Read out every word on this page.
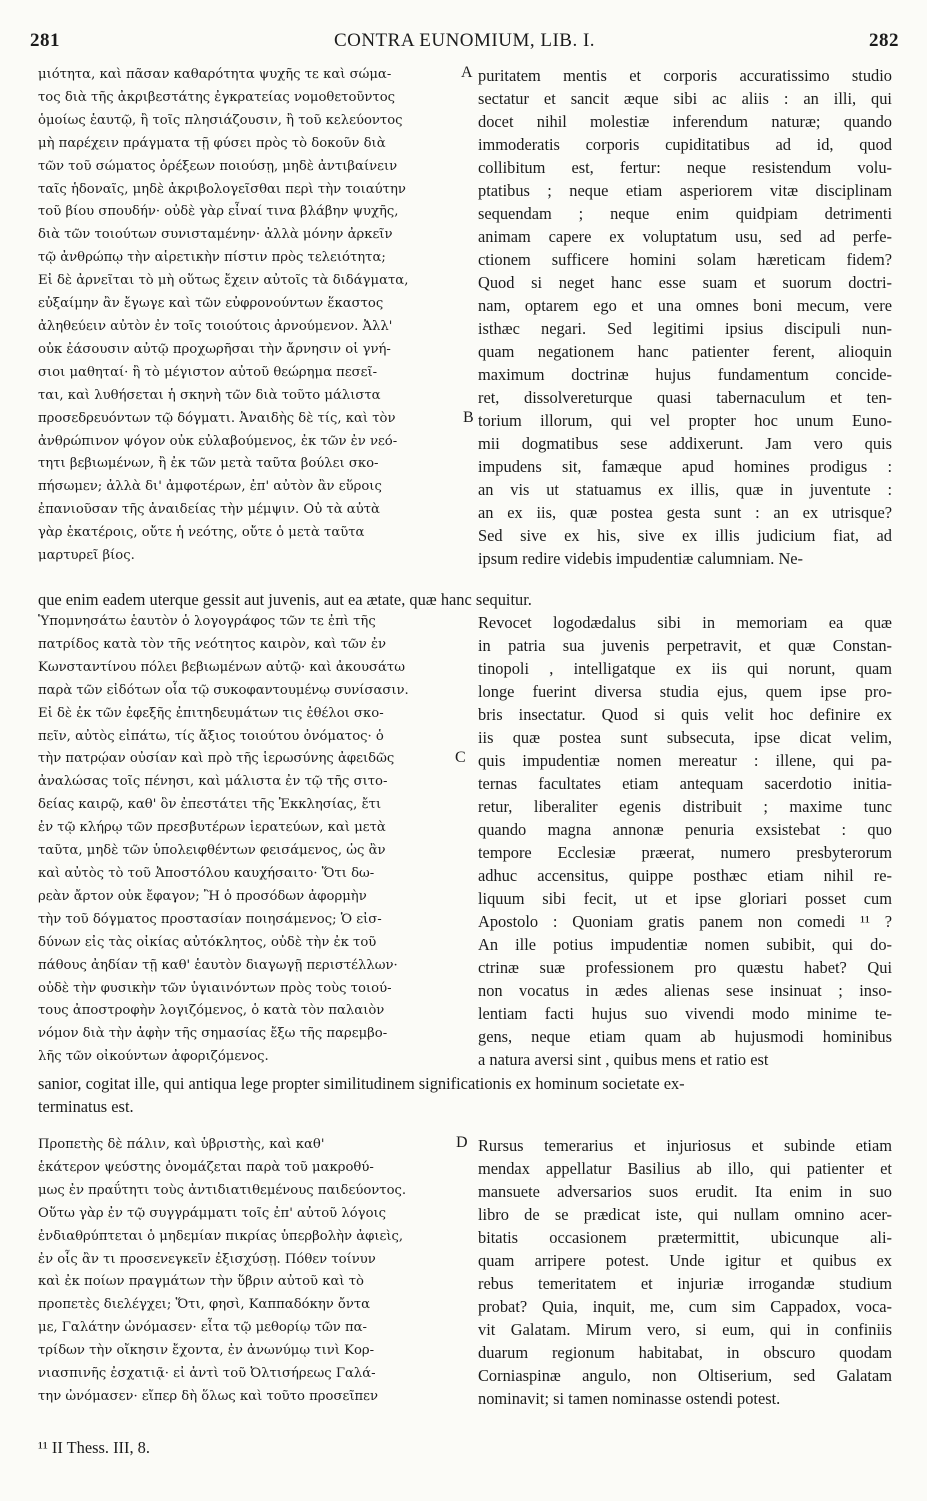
281	CONTRA EUNOMIUM, LIB. I.	282
μιότητα, καὶ πᾶσαν καθαρότητα ψυχῆς τε καὶ σώμα-
τος διὰ τῆς ἀκριβεστάτης ἐγκρατείας νομοθετοῦντος
ὁμοίως ἑαυτῷ, ἢ τοῖς πλησιάζουσιν, ἢ τοῦ κελεύοντος
μὴ παρέχειν πράγματα τῇ φύσει πρὸς τὸ δοκοῦν διὰ
τῶν τοῦ σώματος ὀρέξεων ποιούσῃ, μηδὲ ἀντιβαίνειν
ταῖς ἡδοναῖς, μηδὲ ἀκριβολογεῖσθαι περὶ τὴν τοιαύτην
τοῦ βίου σπουδήν· οὐδὲ γὰρ εἶναί τινα βλάβην ψυχῆς,
διὰ τῶν τοιούτων συνισταμένην· ἀλλὰ μόνην ἀρκεῖν
τῷ ἀνθρώπῳ τὴν αἱρετικὴν πίστιν πρὸς τελειότητα;
Εἰ δὲ ἀρνεῖται τὸ μὴ οὕτως ἔχειν αὐτοῖς τὰ διδάγματα,
εὐξαίμην ἂν ἔγωγε καὶ τῶν εὐφρονούντων ἕκαστος
ἀληθεύειν αὐτὸν ἐν τοῖς τοιούτοις ἀρνούμενον. Ἀλλ'
οὐκ ἐάσουσιν αὐτῷ προχωρῆσαι τὴν ἄρνησιν οἱ γνή-
σιοι μαθηταί· ἢ τὸ μέγιστον αὐτοῦ θεώρημα πεσεῖ-
ται, καὶ λυθήσεται ἡ σκηνὴ τῶν διὰ τοῦτο μάλιστα
προσεδρευόντων τῷ δόγματι. Ἀναιδὴς δὲ τίς, καὶ τὸν
ἀνθρώπινον ψόγον οὐκ εὐλαβούμενος, ἐκ τῶν ἐν νεό-
τητι βεβιωμένων, ἢ ἐκ τῶν μετὰ ταῦτα βούλει σκο-
πήσωμεν; ἀλλὰ δι' ἀμφοτέρων, ἐπ' αὐτὸν ἂν εὕροις
ἐπανιοῦσαν τῆς ἀναιδείας τὴν μέμψιν. Οὐ τὰ αὐτὰ
γὰρ ἑκατέροις, οὔτε ἡ νεότης, οὔτε ὁ μετὰ ταῦτα
μαρτυρεῖ βίος.
puritatem mentis et corporis accuratissimo studio
sectatur et sancit æque sibi ac aliis : an illi, qui
docet nihil molestiæ inferendum naturæ; quando
immoderatis corporis cupiditatibus ad id, quod
collibitum est, fertur: neque resistendum volu-
ptatibus ; neque etiam asperiorem vitæ disciplinam
sequendam ; neque enim quidpiam detrimenti
animam capere ex voluptatum usu, sed ad perfe-
ctionem sufficere homini solam hæreticam fidem?
Quod si neget hanc esse suam et suorum doctri-
nam, optarem ego et una omnes boni mecum, vere
isthæc negari. Sed legitimi ipsius discipuli nun-
quam negationem hanc patienter ferent, alioquin
maximum doctrinæ hujus fundamentum concide-
ret, dissolvereturque quasi tabernaculum et ten-
torium illorum, qui vel propter hoc unum Euno-
mii dogmatibus sese addixerunt. Jam vero quis
impudens sit, famæque apud homines prodigus :
an vis ut statuamus ex illis, quæ in juventute :
an ex iis, quæ postea gesta sunt : an ex utrisque?
Sed sive ex his, sive ex illis judicium fiat, ad
ipsum redire videbis impudentiæ calumniam. Ne-
A
B
que enim eadem uterque gessit aut juvenis, aut ea ætate, quæ hanc sequitur.
Ὑπομνησάτω ἑαυτὸν ὁ λογογράφος τῶν τε ἐπὶ τῆς
πατρίδος κατὰ τὸν τῆς νεότητος καιρὸν, καὶ τῶν ἐν
Κωνσταντίνου πόλει βεβιωμένων αὐτῷ· καὶ ἀκουσάτω
παρὰ τῶν εἰδότων οἷα τῷ συκοφαντουμένῳ συνίσασιν.
Εἰ δὲ ἐκ τῶν ἐφεξῆς ἐπιτηδευμάτων τις ἐθέλοι σκο-
πεῖν, αὐτὸς εἰπάτω, τίς ἄξιος τοιούτου ὀνόματος· ὁ
τὴν πατρῴαν οὐσίαν καὶ πρὸ τῆς ἱερωσύνης ἀφειδῶς
ἀναλώσας τοῖς πένησι, καὶ μάλιστα ἐν τῷ τῆς σιτο-
δείας καιρῷ, καθ' ὃν ἐπεστάτει τῆς Ἐκκλησίας, ἔτι
ἐν τῷ κλήρῳ τῶν πρεσβυτέρων ἱερατεύων, καὶ μετὰ
ταῦτα, μηδὲ τῶν ὑπολειφθέντων φεισάμενος, ὡς ἂν
καὶ αὐτὸς τὸ τοῦ Ἀποστόλου καυχήσαιτο· Ὅτι δω-
ρεὰν ἄρτον οὐκ ἔφαγον; Ἢ ὁ προσόδων ἀφορμὴν
τὴν τοῦ δόγματος προστασίαν ποιησάμενος; Ὁ εἰσ-
δύνων εἰς τὰς οἰκίας αὐτόκλητος, οὐδὲ τὴν ἐκ τοῦ
πάθους ἀηδίαν τῇ καθ' ἑαυτὸν διαγωγῇ περιστέλλων·
οὐδὲ τὴν φυσικὴν τῶν ὑγιαινόντων πρὸς τοὺς τοιού-
τους ἀποστροφὴν λογιζόμενος, ὁ κατὰ τὸν παλαιὸν
νόμον διὰ τὴν ἀφὴν τῆς σημασίας ἔξω τῆς παρεμβο-
λῆς τῶν οἰκούντων ἀφοριζόμενος.
Revocet logodædalus sibi in memoriam ea quæ
in patria sua juvenis perpetravit, et quæ Constan-
tinopoli , intelligatque ex iis qui norunt, quam
longe fuerint diversa studia ejus, quem ipse pro-
bris insectatur. Quod si quis velit hoc definire ex
iis quæ postea sunt subsecuta, ipse dicat velim,
quis impudentiæ nomen mereatur : illene, qui pa-
ternas facultates etiam antequam sacerdotio initia-
retur, liberaliter egenis distribuit ; maxime tunc
quando magna annonæ penuria exsistebat : quo
tempore Ecclesiæ præerat, numero presbyterorum
adhuc accensitus, quippe posthæc etiam nihil re-
liquum sibi fecit, ut et ipse gloriari posset cum
Apostolo : Quoniam gratis panem non comedi ¹¹ ?
An ille potius impudentiæ nomen subibit, qui do-
ctrinæ suæ professionem pro quæstu habet? Qui
non vocatus in ædes alienas sese insinuat ; inso-
lentiam facti hujus suo vivendi modo minime te-
gens, neque etiam quam ab hujusmodi hominibus
a natura aversi sint , quibus mens et ratio est
C
sanior, cogitat ille, qui antiqua lege propter similitudinem significationis ex hominum societate ex-
terminatus est.
Προπετὴς δὲ πάλιν, καὶ ὑβριστὴς, καὶ καθ'
ἑκάτερον ψεύστης ὀνομάζεται παρὰ τοῦ μακροθύ-
μως ἐν πραΰτητι τοὺς ἀντιδιατιθεμένους παιδεύοντος.
Οὕτω γὰρ ἐν τῷ συγγράμματι τοῖς ἐπ' αὐτοῦ λόγοις
ἐνδιαθρύπτεται ὁ μηδεμίαν πικρίας ὑπερβολὴν ἀφιεὶς,
ἐν οἷς ἂν τι προσενεγκεῖν ἐξισχύσῃ. Πόθεν τοίνυν
καὶ ἐκ ποίων πραγμάτων τὴν ὕβριν αὐτοῦ καὶ τὸ
προπετὲς διελέγχει; Ὅτι, φησὶ, Καππαδόκην ὄντα
με, Γαλάτην ὠνόμασεν· εἶτα τῷ μεθορίῳ τῶν πα-
τρίδων τὴν οἴκησιν ἔχοντα, ἐν ἀνωνύμῳ τινὶ Κορ-
νιασπινῆς ἐσχατιᾷ· εἰ ἀντὶ τοῦ Ὀλτισήρεως Γαλά-
την ὠνόμασεν· εἴπερ δὴ ὅλως καὶ τοῦτο προσεῖπεν
Rursus temerarius et injuriosus et subinde etiam
mendax appellatur Basilius ab illo, qui patienter et
mansuete adversarios suos erudit. Ita enim in suo
libro de se prædicat iste, qui nullam omnino acer-
bitatis occasionem prætermittit, ubicunque ali-
quam arripere potest. Unde igitur et quibus ex
rebus temeritatem et injuriæ irrogandæ studium
probat? Quia, inquit, me, cum sim Cappadox, voca-
vit Galatam. Mirum vero, si eum, qui in confiniis
duarum regionum habitabat, in obscuro quodam
Corniaspinæ angulo, non Oltiserium, sed Galatam
nominavit; si tamen nominasse ostendi potest.
D
¹¹ II Thess. III, 8.
